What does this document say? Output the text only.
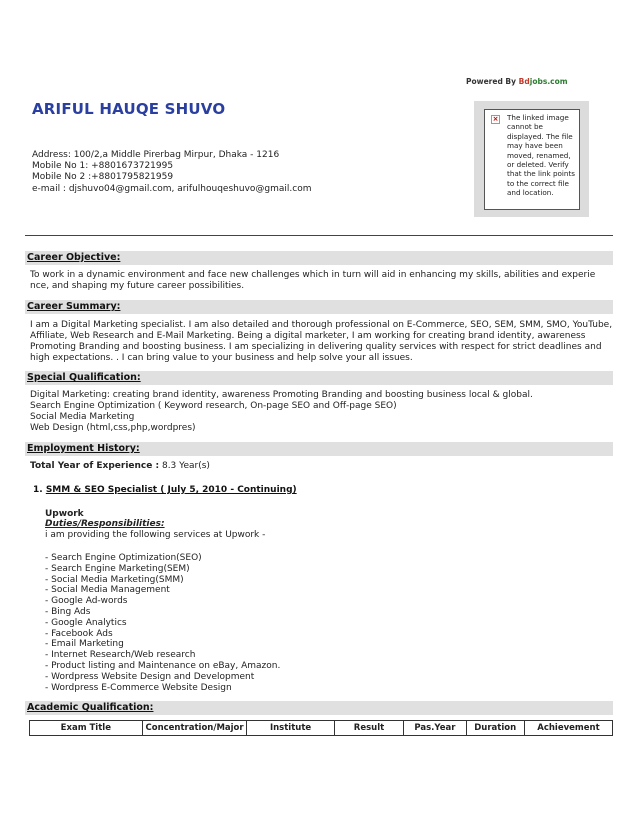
Powered By Bdjobs.com
ARIFUL HAUQE SHUVO
Address: 100/2,a Middle Pirerbag Mirpur, Dhaka - 1216
Mobile No 1: +8801673721995
Mobile No 2 :+8801795821959
e-mail : djshuvo04@gmail.com, arifulhouqeshuvo@gmail.com
× The linked image cannot be displayed. The file may have been moved, renamed, or deleted. Verify that the link points to the correct file and location.
Career Objective:
To work in a dynamic environment and face new challenges which in turn will aid in enhancing my skills, abilities and experie nce, and shaping my future career possibilities.
Career Summary:
I am a Digital Marketing specialist. I am also detailed and thorough professional on E-Commerce, SEO, SEM, SMM, SMO, YouTube, Affiliate, Web Research and E-Mail Marketing. Being a digital marketer, I am working for creating brand identity, awareness Promoting Branding and boosting business. I am specializing in delivering quality services with respect for strict deadlines and high expectations. . I can bring value to your business and help solve your all issues.
Special Qualification:
Digital Marketing: creating brand identity, awareness Promoting Branding and boosting business local & global.
Search Engine Optimization ( Keyword research, On-page SEO and Off-page SEO)
Social Media Marketing
Web Design (html,css,php,wordpres)
Employment History:
Total Year of Experience : 8.3 Year(s)
1. SMM & SEO Specialist ( July 5, 2010 - Continuing)
Upwork
Duties/Responsibilities:
i am providing the following services at Upwork -
- Search Engine Optimization(SEO)
- Search Engine Marketing(SEM)
- Social Media Marketing(SMM)
- Social Media Management
- Google Ad-words
- Bing Ads
- Google Analytics
- Facebook Ads
- Email Marketing
- Internet Research/Web research
- Product listing and Maintenance on eBay, Amazon.
- Wordpress Website Design and Development
- Wordpress E-Commerce Website Design
Academic Qualification:
Exam Title	Concentration/Major	Institute	Result	Pas.Year	Duration	Achievement
